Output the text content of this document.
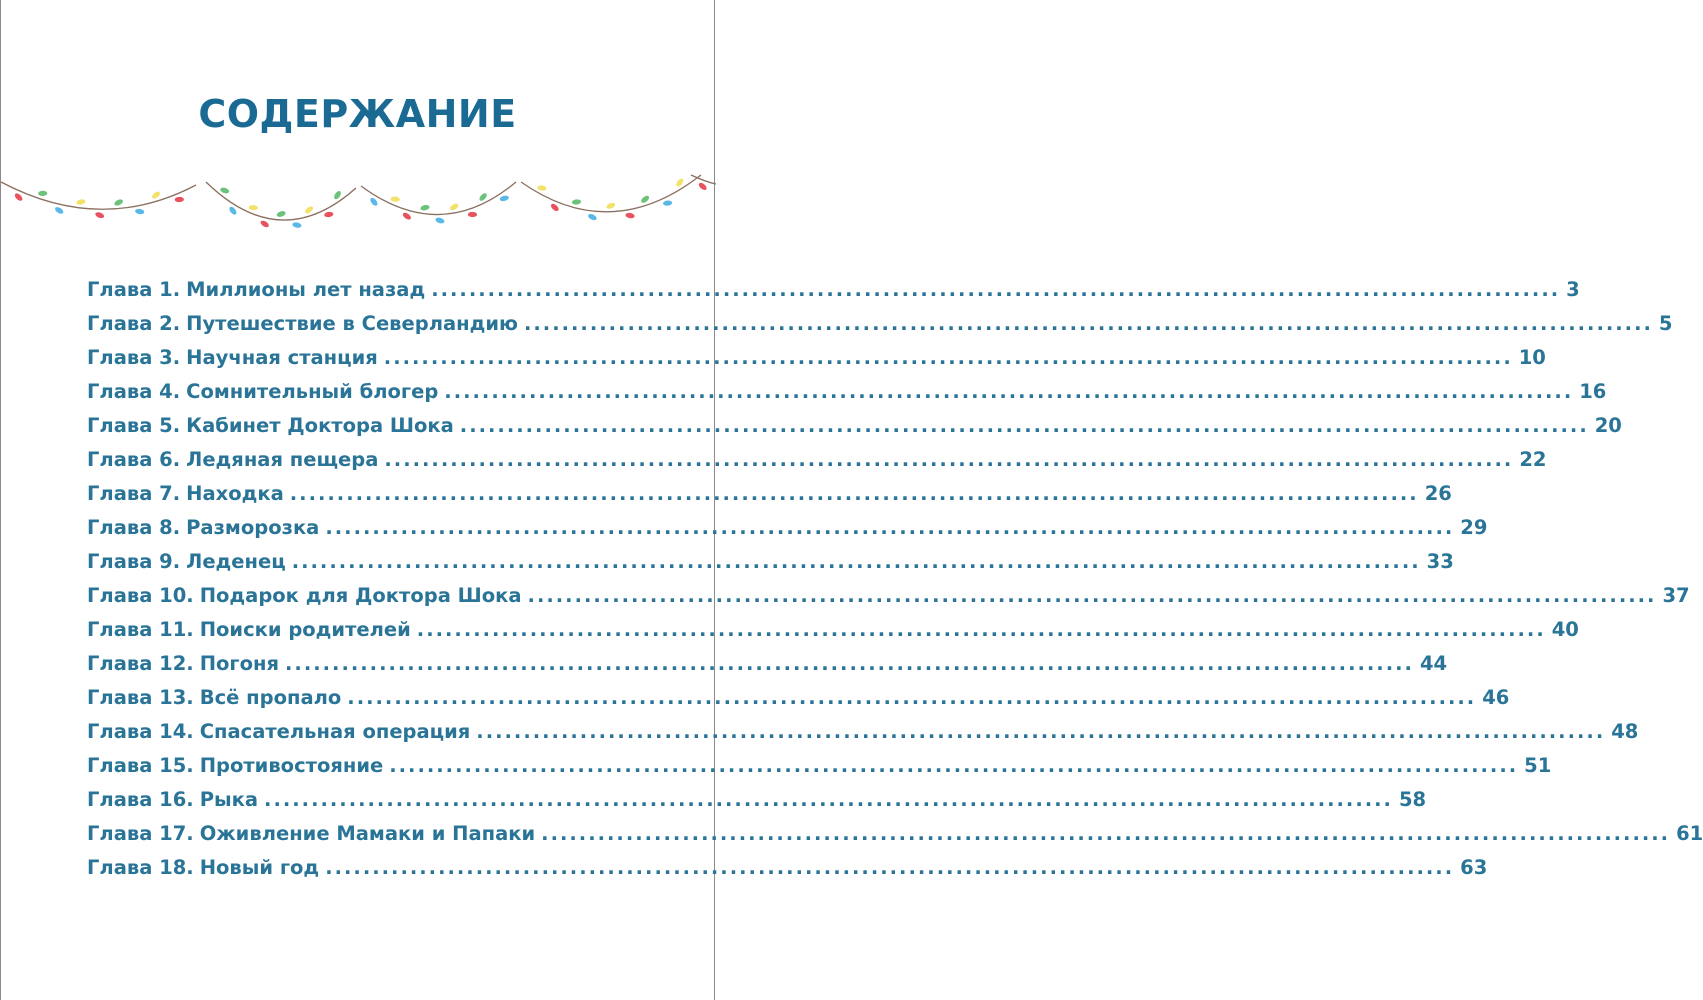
СОДЕРЖАНИЕ
Глава 1. Миллионы лет назад ........................................................................................................................ 3
Глава 2. Путешествие в Северландию ........................................................................................................................ 5
Глава 3. Научная станция ........................................................................................................................ 10
Глава 4. Сомнительный блогер ........................................................................................................................ 16
Глава 5. Кабинет Доктора Шока ........................................................................................................................ 20
Глава 6. Ледяная пещера ........................................................................................................................ 22
Глава 7. Находка ........................................................................................................................ 26
Глава 8. Разморозка ........................................................................................................................ 29
Глава 9. Леденец ........................................................................................................................ 33
Глава 10. Подарок для Доктора Шока ........................................................................................................................ 37
Глава 11. Поиски родителей ........................................................................................................................ 40
Глава 12. Погоня ........................................................................................................................ 44
Глава 13. Всё пропало ........................................................................................................................ 46
Глава 14. Спасательная операция ........................................................................................................................ 48
Глава 15. Противостояние ........................................................................................................................ 51
Глава 16. Рыка ........................................................................................................................ 58
Глава 17. Оживление Мамаки и Папаки ........................................................................................................................ 61
Глава 18. Новый год ........................................................................................................................ 63
